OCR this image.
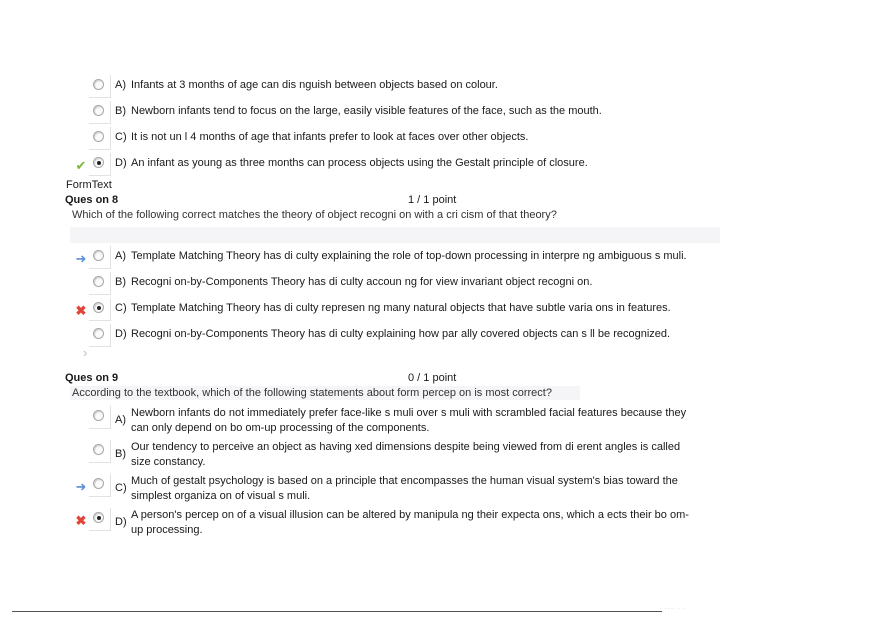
A) Infants at 3 months of age can dis nguish between objects based on colour.
B) Newborn infants tend to focus on the large, easily visible features of the face, such as the mouth.
C) It is not un l 4 months of age that infants prefer to look at faces over other objects.
✔	D) An infant as young as three months can process objects using the Gestalt principle of closure.
FormText
Ques on 8	1 / 1 point
Which of the following correct matches the theory of object recogni on with a cri cism of that theory?
➜	A) Template Matching Theory has di culty explaining the role of top-down processing in interpre ng ambiguous s muli.
B) Recogni on-by-Components Theory has di culty accoun ng for view invariant object recogni on.
✖	C) Template Matching Theory has di culty represen ng many natural objects that have subtle varia ons in features.
D) Recogni on-by-Components Theory has di culty explaining how par ally covered objects can s ll be recognized.
›
Ques on 9	0 / 1 point
According to the textbook, which of the following statements about form percep on is most correct?
A)
Newborn infants do not immediately prefer face-like s muli over s muli with scrambled facial features because they can only depend on bo om-up processing of the components.
B)
Our tendency to perceive an object as having xed dimensions despite being viewed from di erent angles is called size constancy.
➜	C)
Much of gestalt psychology is based on a principle that encompasses the human visual system's bias toward the simplest organiza on of visual s muli.
✖	D)
A person's percep on of a visual illusion can be altered by manipula ng their expecta ons, which a ects their bo om-up processing.
· ···· · ·
